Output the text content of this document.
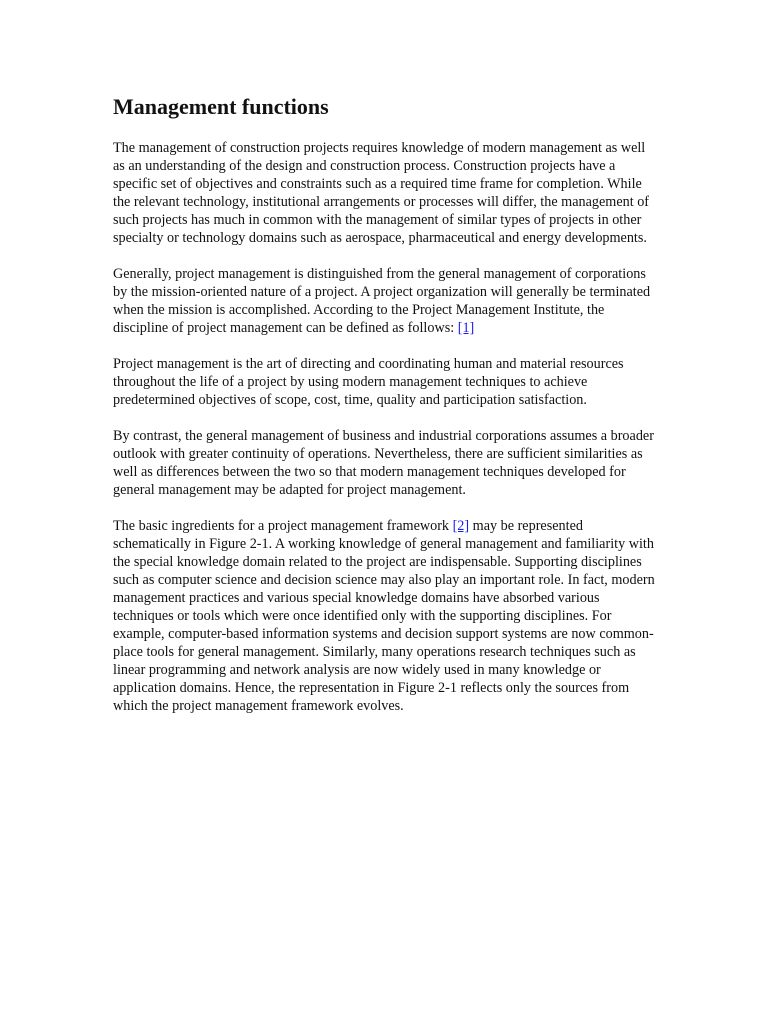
Management functions

The management of construction projects requires knowledge of modern management as well as an understanding of the design and construction process. Construction projects have a specific set of objectives and constraints such as a required time frame for completion. While the relevant technology, institutional arrangements or processes will differ, the management of such projects has much in common with the management of similar types of projects in other specialty or technology domains such as aerospace, pharmaceutical and energy developments.

Generally, project management is distinguished from the general management of corporations by the mission-oriented nature of a project. A project organization will generally be terminated when the mission is accomplished. According to the Project Management Institute, the discipline of project management can be defined as follows: [1]

Project management is the art of directing and coordinating human and material resources throughout the life of a project by using modern management techniques to achieve predetermined objectives of scope, cost, time, quality and participation satisfaction.

By contrast, the general management of business and industrial corporations assumes a broader outlook with greater continuity of operations. Nevertheless, there are sufficient similarities as well as differences between the two so that modern management techniques developed for general management may be adapted for project management.

The basic ingredients for a project management framework [2] may be represented schematically in Figure 2-1. A working knowledge of general management and familiarity with the special knowledge domain related to the project are indispensable. Supporting disciplines such as computer science and decision science may also play an important role. In fact, modern management practices and various special knowledge domains have absorbed various techniques or tools which were once identified only with the supporting disciplines. For example, computer-based information systems and decision support systems are now common-place tools for general management. Similarly, many operations research techniques such as linear programming and network analysis are now widely used in many knowledge or application domains. Hence, the representation in Figure 2-1 reflects only the sources from which the project management framework evolves.
